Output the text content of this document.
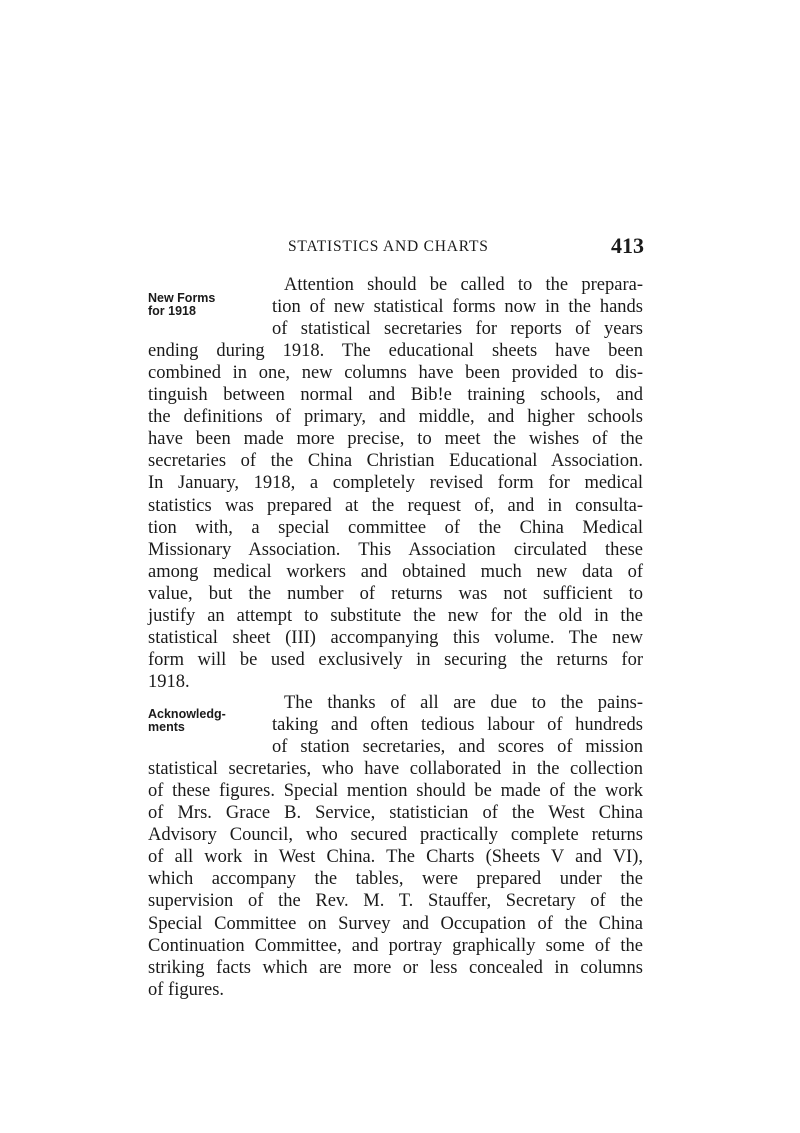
STATISTICS AND CHARTS	413
New Forms
for 1918
Attention should be called to the prepara-
tion of new statistical forms now in the hands
of statistical secretaries for reports of years
ending during 1918. The educational sheets have been
combined in one, new columns have been provided to dis-
tinguish between normal and Bib!e training schools, and
the definitions of primary, and middle, and higher schools
have been made more precise, to meet the wishes of the
secretaries of the China Christian Educational Association.
In January, 1918, a completely revised form for medical
statistics was prepared at the request of, and in consulta-
tion with, a special committee of the China Medical
Missionary Association. This Association circulated these
among medical workers and obtained much new data of
value, but the number of returns was not sufficient to
justify an attempt to substitute the new for the old in the
statistical sheet (III) accompanying this volume. The new
form will be used exclusively in securing the returns for
1918.
Acknowledg-
ments
The thanks of all are due to the pains-
taking and often tedious labour of hundreds
of station secretaries, and scores of mission
statistical secretaries, who have collaborated in the collection
of these figures. Special mention should be made of the work
of Mrs. Grace B. Service, statistician of the West China
Advisory Council, who secured practically complete returns
of all work in West China. The Charts (Sheets V and VI),
which accompany the tables, were prepared under the
supervision of the Rev. M. T. Stauffer, Secretary of the
Special Committee on Survey and Occupation of the China
Continuation Committee, and portray graphically some of the
striking facts which are more or less concealed in columns
of figures.
